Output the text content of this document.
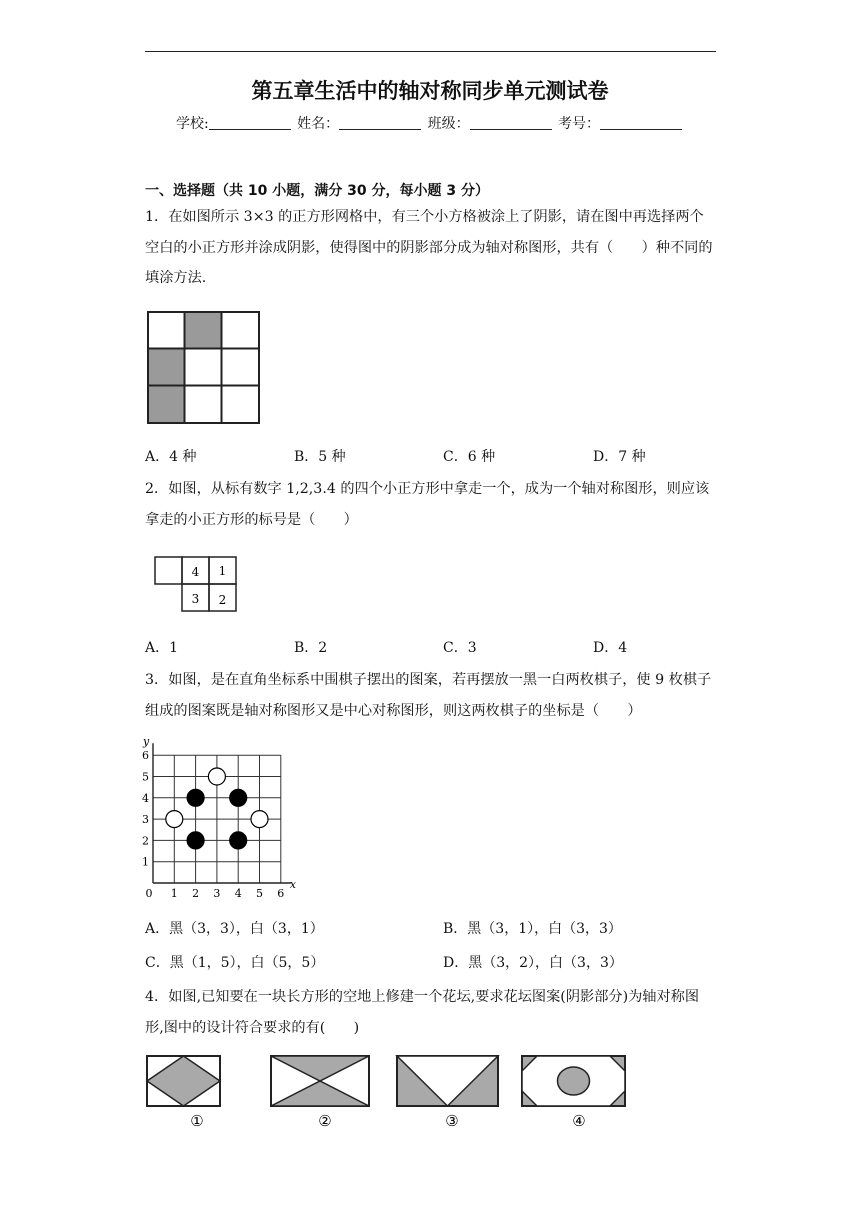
第五章生活中的轴对称同步单元测试卷
学校:	姓名：	班级：	考号：
一、选择题（共 10 小题，满分 30 分，每小题 3 分）
1．在如图所示 3×3 的正方形网格中，有三个小方格被涂上了阴影，请在图中再选择两个空白的小正方形并涂成阴影，使得图中的阴影部分成为轴对称图形，共有（　　）种不同的填涂方法.
A．4 种	B．5 种	C．6 种	D．7 种
2．如图，从标有数字 1,2,3.4 的四个小正方形中拿走一个，成为一个轴对称图形，则应该拿走的小正方形的标号是（　　）
4 1
3 2
A．1	B．2	C．3	D．4
3．如图，是在直角坐标系中围棋子摆出的图案，若再摆放一黑一白两枚棋子，使 9 枚棋子组成的图案既是轴对称图形又是中心对称图形，则这两枚棋子的坐标是（　　）
1 2 3 4 5 6
1
2
3
4
5
6
x
y
0
A．黑（3，3），白（3，1）	B．黑（3，1），白（3，3）
C．黑（1，5），白（5，5）	D．黑（3，2），白（3，3）
4．如图,已知要在一块长方形的空地上修建一个花坛,要求花坛图案(阴影部分)为轴对称图形,图中的设计符合要求的有(　　)
①	②	③	④
